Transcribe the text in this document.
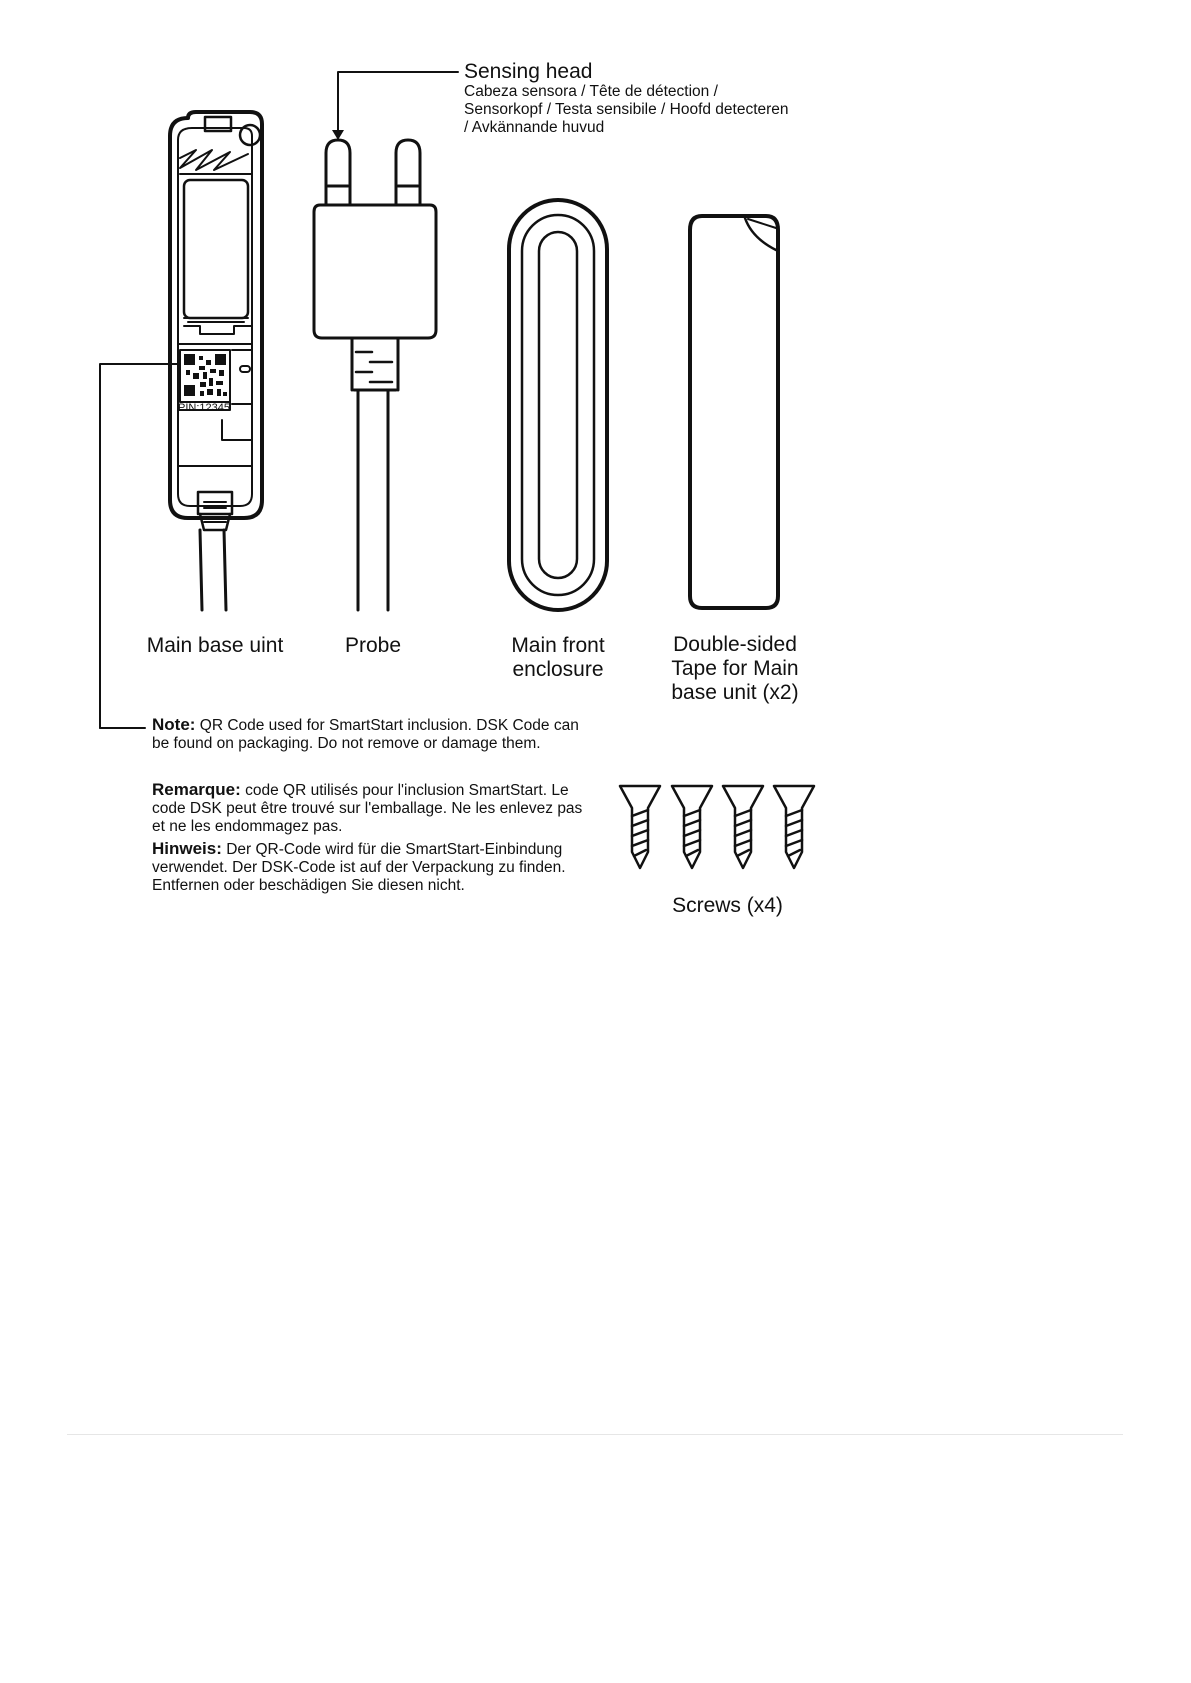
PIN:12345

Sensing head

Cabeza sensora / Tête de détection / Sensorkopf / Testa sensibile / Hoofd detecteren / Avkännande huvud

Main base uint	Probe	Main front enclosure

Double-sided Tape for Main base unit (x2)

Screws (x4)

Note: QR Code used for SmartStart inclusion. DSK Code can be found on packaging. Do not remove or damage them.

Remarque: code QR utilisés pour l'inclusion SmartStart. Le code DSK peut être trouvé sur l'emballage. Ne les enlevez pas et ne les endommagez pas.

Hinweis: Der QR-Code wird für die SmartStart-Einbindung verwendet. Der DSK-Code ist auf der Verpackung zu finden. Entfernen oder beschädigen Sie diesen nicht.
